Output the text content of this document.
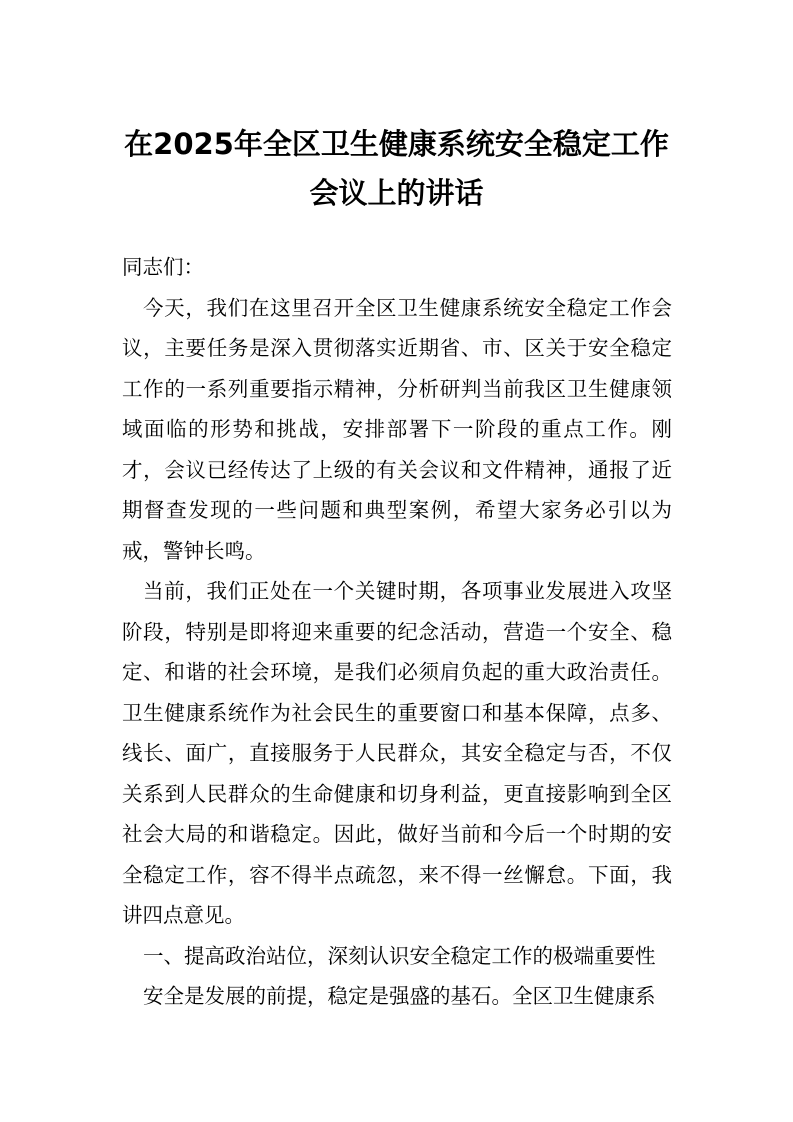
在2025年全区卫生健康系统安全稳定工作
会议上的讲话

同志们：

今天，我们在这里召开全区卫生健康系统安全稳定工作会议，主要任务是深入贯彻落实近期省、市、区关于安全稳定工作的一系列重要指示精神，分析研判当前我区卫生健康领域面临的形势和挑战，安排部署下一阶段的重点工作。刚才，会议已经传达了上级的有关会议和文件精神，通报了近期督查发现的一些问题和典型案例，希望大家务必引以为戒，警钟长鸣。

当前，我们正处在一个关键时期，各项事业发展进入攻坚阶段，特别是即将迎来重要的纪念活动，营造一个安全、稳定、和谐的社会环境，是我们必须肩负起的重大政治责任。卫生健康系统作为社会民生的重要窗口和基本保障，点多、线长、面广，直接服务于人民群众，其安全稳定与否，不仅关系到人民群众的生命健康和切身利益，更直接影响到全区社会大局的和谐稳定。因此，做好当前和今后一个时期的安全稳定工作，容不得半点疏忽，来不得一丝懈怠。下面，我讲四点意见。

一、提高政治站位，深刻认识安全稳定工作的极端重要性

安全是发展的前提，稳定是强盛的基石。全区卫生健康系
